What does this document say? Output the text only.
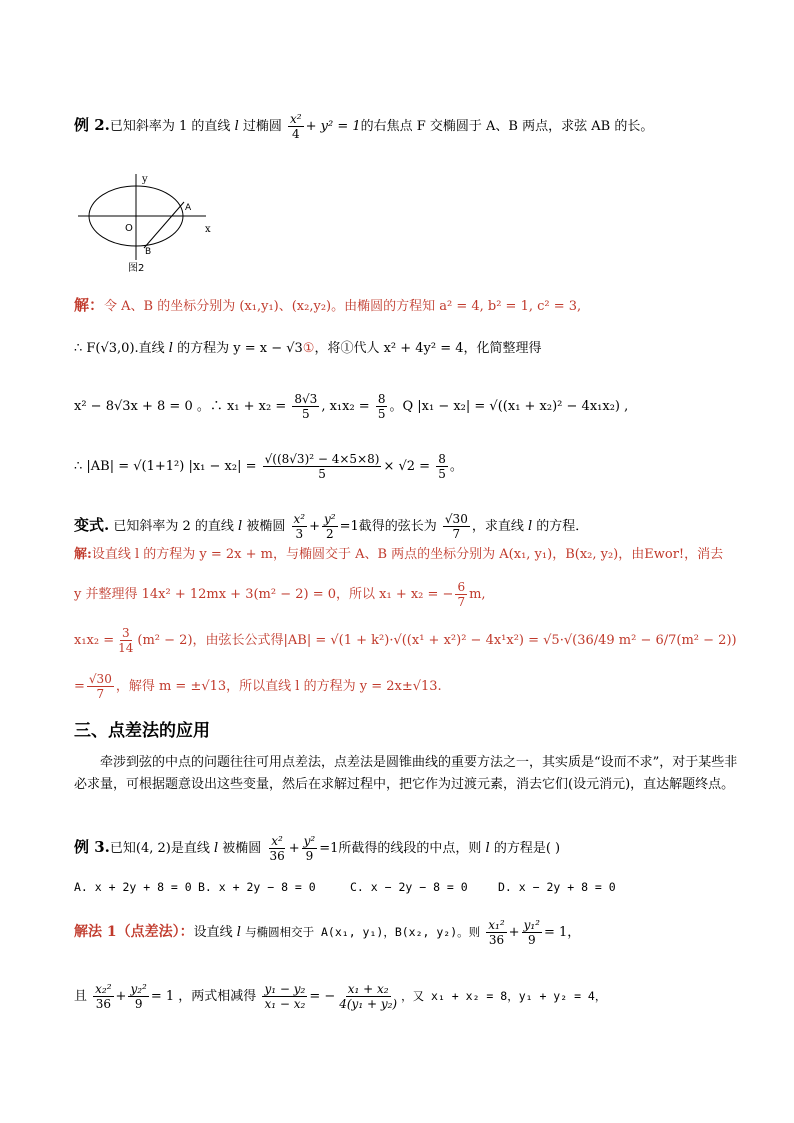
例 2.已知斜率为 1 的直线 l 过椭圆 $\frac{\text{x²}}{4} + y^2 = 1$的右焦点 F 交椭圆于 A、B 两点，求弦 AB 的长。
y
x
A
B
O
图2
解：令 A、B 的坐标分别为 (x₁,y₁)、(x₂,y₂)。由椭圆的方程知 a² = 4, b² = 1, c² = 3,
∴ F(√3,0).直线 l 的方程为 y = x − √3①，将①代人 x² + 4y² = 4，化简整理得
x² − 8√3x + 8 = 0 。∴ $x_1 + x_2 = \frac{8√3}{5}$ , $x_1x_2 = \frac{8}{5}$ 。Q |x₁ − x₂| = √((x₁ + x₂)² − 4x₁x₂) ,
∴ |AB| = √(1+1²) $|x_1 - x_2| = \frac{\text{√((8√3)² − 4×5×8)}}{5} \times √2 = \frac{8}{5}$ 。
变式. 已知斜率为 2 的直线 l 被椭圆 $\frac{\text{x²}}{3} + \frac{\text{y²}}{2} =1$截得的弦长为 $\frac{√30}{7}$ ，求直线 l 的方程．
解:设直线 l 的方程为 y = 2x + m，与椭圆交于 A、B 两点的坐标分别为 A(x₁, y₁)，B(x₂, y₂)，由Ewor!，消去
y 并整理得 14x² + 12mx + 3(m² − 2) = 0，所以 x₁ + x₂ = − $\frac{6}{7} m$,
$x_1x_2 = \frac{3}{14} (m^2 - 2)$，由弦长公式得|AB| = √(1 + k²)·√((x¹ + x²)² − 4x¹x²) = √5·√(36/49 m² − 6/7(m² − 2))
= $\frac{√30}{7}$ ，解得 m = ±√13，所以直线 l 的方程为 y = 2x±√13.
三、点差法的应用
牵涉到弦的中点的问题往往可用点差法，点差法是圆锥曲线的重要方法之一，其实质是“设而不求”，对于某些非必求量，可根据题意设出这些变量，然后在求解过程中，把它作为过渡元素，消去它们(设元消元)，直达解题终点。
例 3.已知(4, 2)是直线 l 被椭圆 $\frac{\text{x²}}{36} + \frac{\text{y²}}{9} =1$所截得的线段的中点，则 l 的方程是( )
A. x + 2y + 8 = 0 B. x + 2y − 8 = 0	C. x − 2y − 8 = 0	D. x − 2y + 8 = 0
解法 1（点差法）：设直线 l 与椭圆相交于 A(x₁, y₁)，B(x₂, y₂)。则 $\frac{\text{x₁²}}{36} + \frac{\text{y₁²}}{9} = 1$，
且 $\frac{\text{x₂²}}{36} + \frac{\text{y₂²}}{9} = 1$ ，两式相减得 $\frac{\text{y₁ − y₂}}{\text{x₁ − x₂}}$ = − $\frac{\text{x₁ + x₂}}{\text{4(y₁ + y₂)}}$ ，又 x₁ + x₂ = 8，y₁ + y₂ = 4，
